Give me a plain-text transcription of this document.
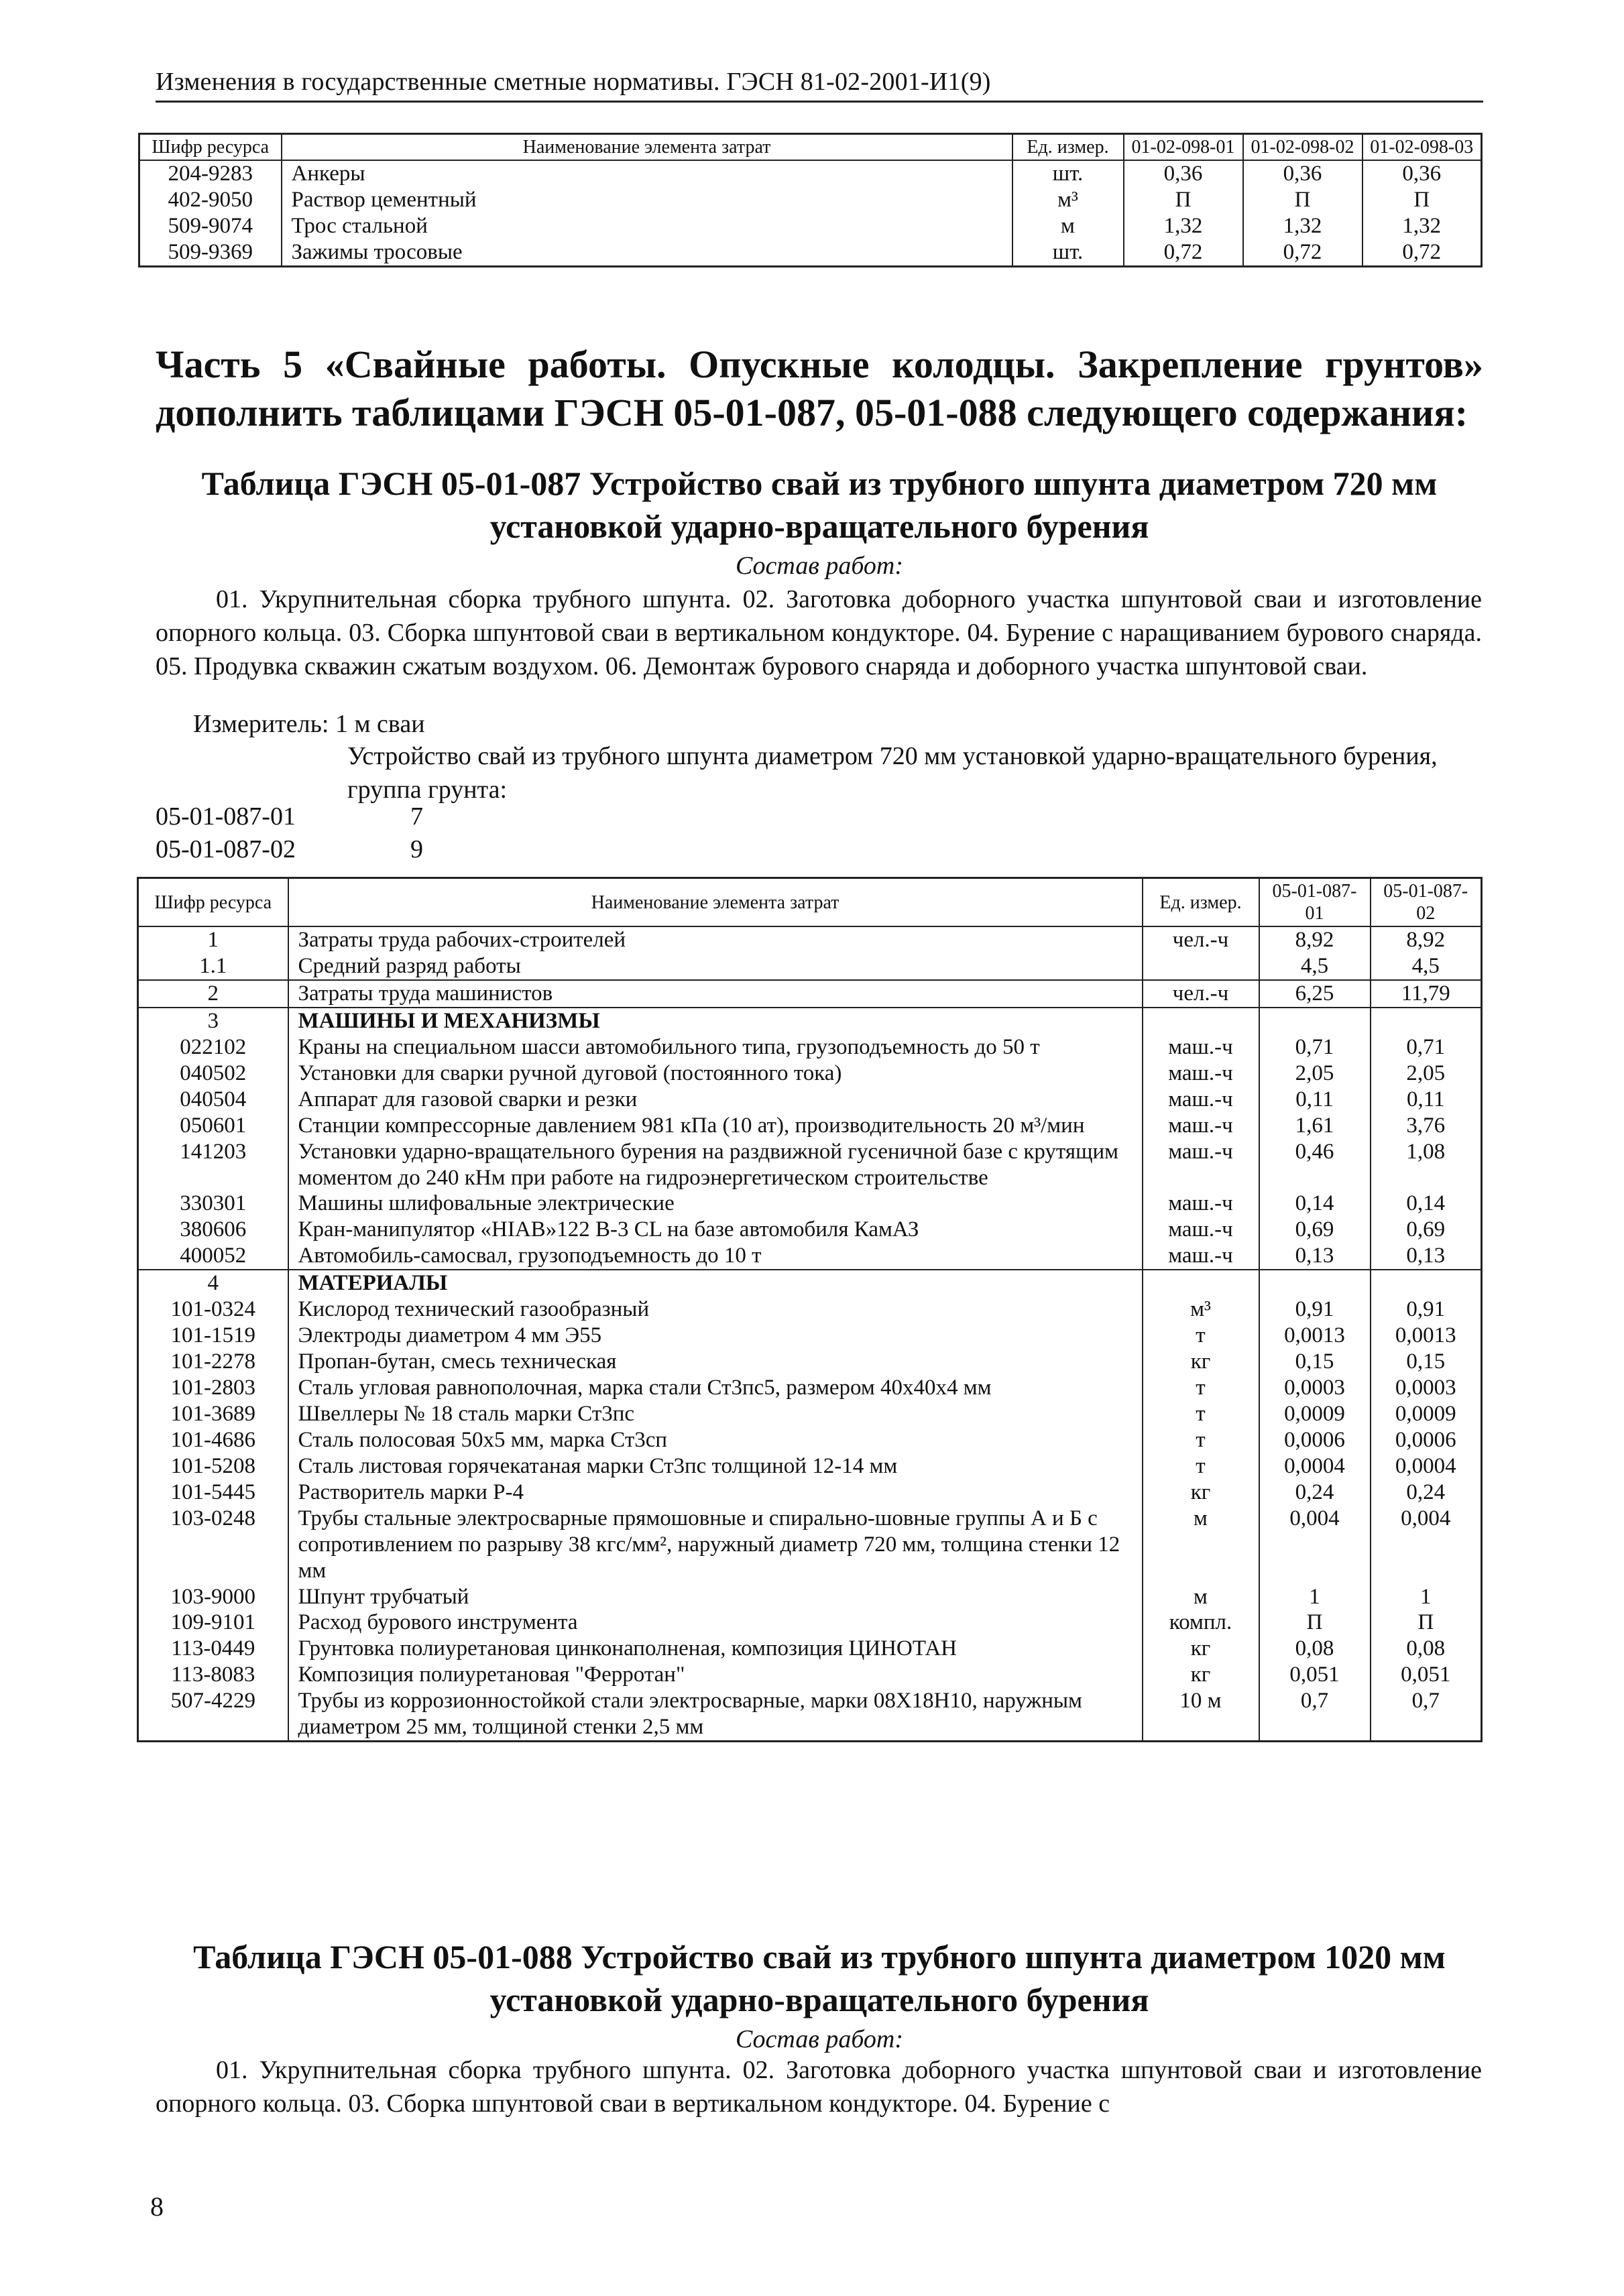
Изменения в государственные сметные нормативы. ГЭСН 81-02-2001-И1(9)
Шифр ресурса	Наименование элемента затрат	Ед. измер.	01-02-098-01	01-02-098-02	01-02-098-03
204-9283	Анкеры	шт.	0,36	0,36	0,36
402-9050	Раствор цементный	м³	П	П	П
509-9074	Трос стальной	м	1,32	1,32	1,32
509-9369	Зажимы тросовые	шт.	0,72	0,72	0,72
Часть 5 «Свайные работы. Опускные колодцы. Закрепление грунтов»
дополнить таблицами ГЭСН 05-01-087, 05-01-088 следующего содержания:
Таблица ГЭСН 05-01-087 Устройство свай из трубного шпунта диаметром 720 мм
установкой ударно-вращательного бурения
Состав работ:
01. Укрупнительная сборка трубного шпунта. 02. Заготовка доборного участка шпунтовой сваи и изготовление опорного кольца. 03. Сборка шпунтовой сваи в вертикальном кондукторе. 04. Бурение с наращиванием бурового снаряда. 05. Продувка скважин сжатым воздухом. 06. Демонтаж бурового снаряда и доборного участка шпунтовой сваи.
Измеритель: 1 м сваи
Устройство свай из трубного шпунта диаметром 720 мм установкой ударно-вращательного бурения, группа грунта:
05-01-087-01	7
05-01-087-02	9
Шифр ресурса	Наименование элемента затрат	Ед. измер.	05-01-087-01	05-01-087-02
1	Затраты труда рабочих-строителей	чел.-ч	8,92	8,92
1.1	Средний разряд работы		4,5	4,5
2	Затраты труда машинистов	чел.-ч	6,25	11,79
3	МАШИНЫ И МЕХАНИЗМЫ			
022102	Краны на специальном шасси автомобильного типа, грузоподъемность до 50 т	маш.-ч	0,71	0,71
040502	Установки для сварки ручной дуговой (постоянного тока)	маш.-ч	2,05	2,05
040504	Аппарат для газовой сварки и резки	маш.-ч	0,11	0,11
050601	Станции компрессорные давлением 981 кПа (10 ат), производительность 20 м³/мин	маш.-ч	1,61	3,76
141203	Установки ударно-вращательного бурения на раздвижной гусеничной базе с крутящим моментом до 240 кНм при работе на гидроэнергетическом строительстве	маш.-ч	0,46	1,08
330301	Машины шлифовальные электрические	маш.-ч	0,14	0,14
380606	Кран-манипулятор «HIAB»122 B-3 CL на базе автомобиля КамАЗ	маш.-ч	0,69	0,69
400052	Автомобиль-самосвал, грузоподъемность до 10 т	маш.-ч	0,13	0,13
4	МАТЕРИАЛЫ			
101-0324	Кислород технический газообразный	м³	0,91	0,91
101-1519	Электроды диаметром 4 мм Э55	т	0,0013	0,0013
101-2278	Пропан-бутан, смесь техническая	кг	0,15	0,15
101-2803	Сталь угловая равнополочная, марка стали Ст3пс5, размером 40х40х4 мм	т	0,0003	0,0003
101-3689	Швеллеры № 18 сталь марки Ст3пс	т	0,0009	0,0009
101-4686	Сталь полосовая 50х5 мм, марка Ст3сп	т	0,0006	0,0006
101-5208	Сталь листовая горячекатаная марки Ст3пс толщиной 12-14 мм	т	0,0004	0,0004
101-5445	Растворитель марки Р-4	кг	0,24	0,24
103-0248	Трубы стальные электросварные прямошовные и спирально-шовные группы А и Б с сопротивлением по разрыву 38 кгс/мм², наружный диаметр 720 мм, толщина стенки 12 мм	м	0,004	0,004
103-9000	Шпунт трубчатый	м	1	1
109-9101	Расход бурового инструмента	компл.	П	П
113-0449	Грунтовка полиуретановая цинконаполненая, композиция ЦИНОТАН	кг	0,08	0,08
113-8083	Композиция полиуретановая "Ферротан"	кг	0,051	0,051
507-4229	Трубы из коррозионностойкой стали электросварные, марки 08Х18Н10, наружным диаметром 25 мм, толщиной стенки 2,5 мм	10 м	0,7	0,7
Таблица ГЭСН 05-01-088 Устройство свай из трубного шпунта диаметром 1020 мм
установкой ударно-вращательного бурения
Состав работ:
01. Укрупнительная сборка трубного шпунта. 02. Заготовка доборного участка шпунтовой сваи и изготовление опорного кольца. 03. Сборка шпунтовой сваи в вертикальном кондукторе. 04. Бурение с
8
